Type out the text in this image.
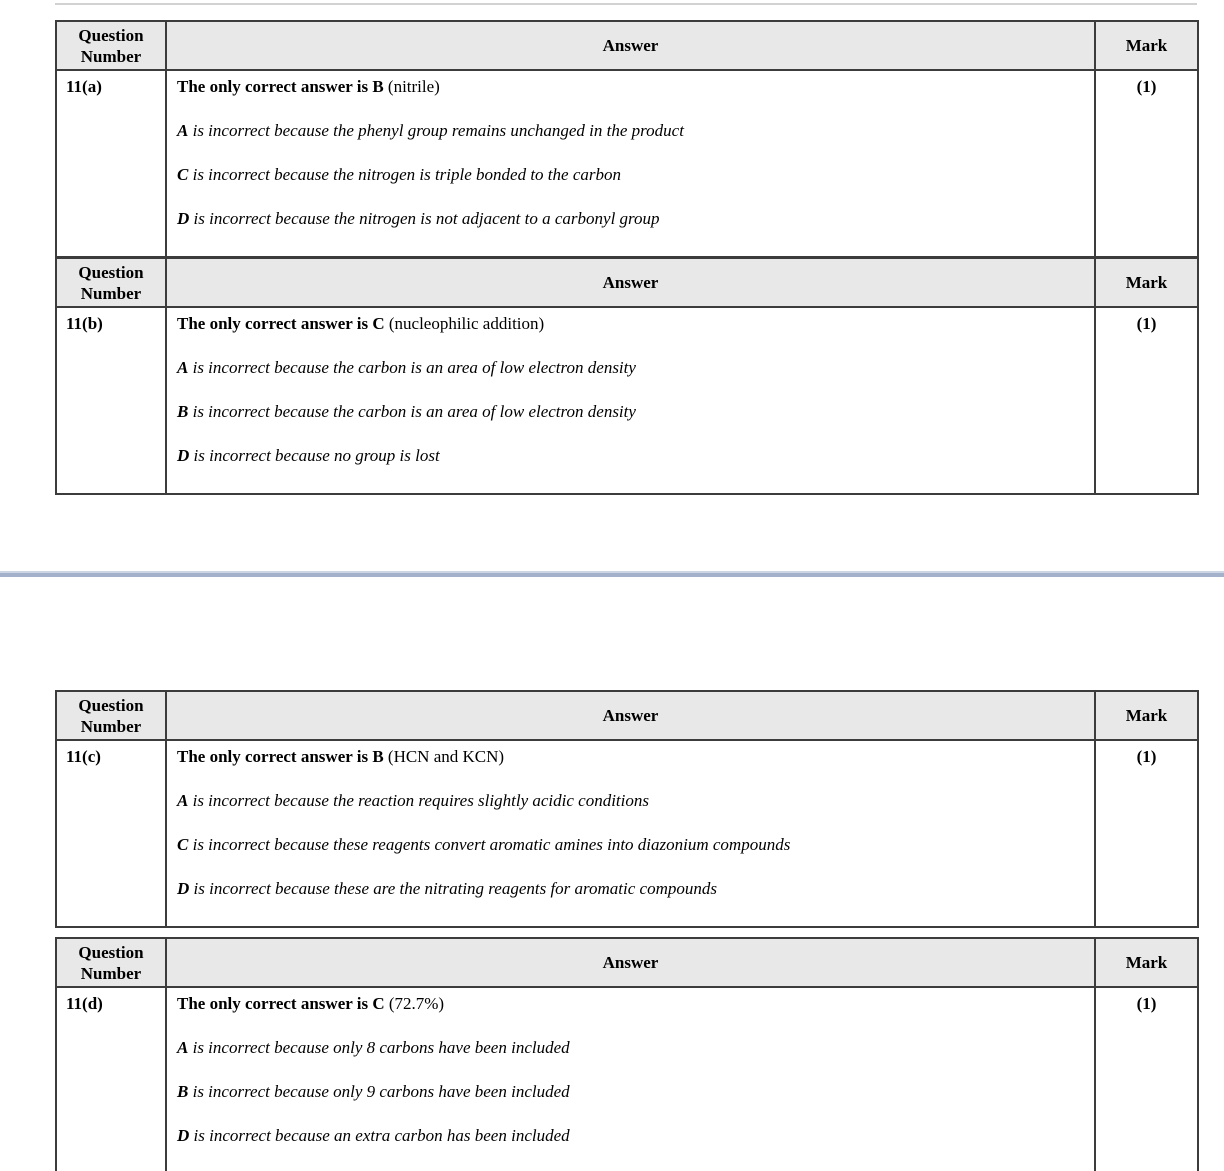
Question Number	Answer	Mark
11(a)	The only correct answer is B (nitrile)

A is incorrect because the phenyl group remains unchanged in the product

C is incorrect because the nitrogen is triple bonded to the carbon

D is incorrect because the nitrogen is not adjacent to a carbonyl group	(1)
Question Number	Answer	Mark
11(b)	The only correct answer is C (nucleophilic addition)

A is incorrect because the carbon is an area of low electron density

B is incorrect because the carbon is an area of low electron density

D is incorrect because no group is lost	(1)
Question Number	Answer	Mark
11(c)	The only correct answer is B (HCN and KCN)

A is incorrect because the reaction requires slightly acidic conditions

C is incorrect because these reagents convert aromatic amines into diazonium compounds

D is incorrect because these are the nitrating reagents for aromatic compounds	(1)
Question Number	Answer	Mark
11(d)	The only correct answer is C (72.7%)

A is incorrect because only 8 carbons have been included

B is incorrect because only 9 carbons have been included

D is incorrect because an extra carbon has been included	(1)
